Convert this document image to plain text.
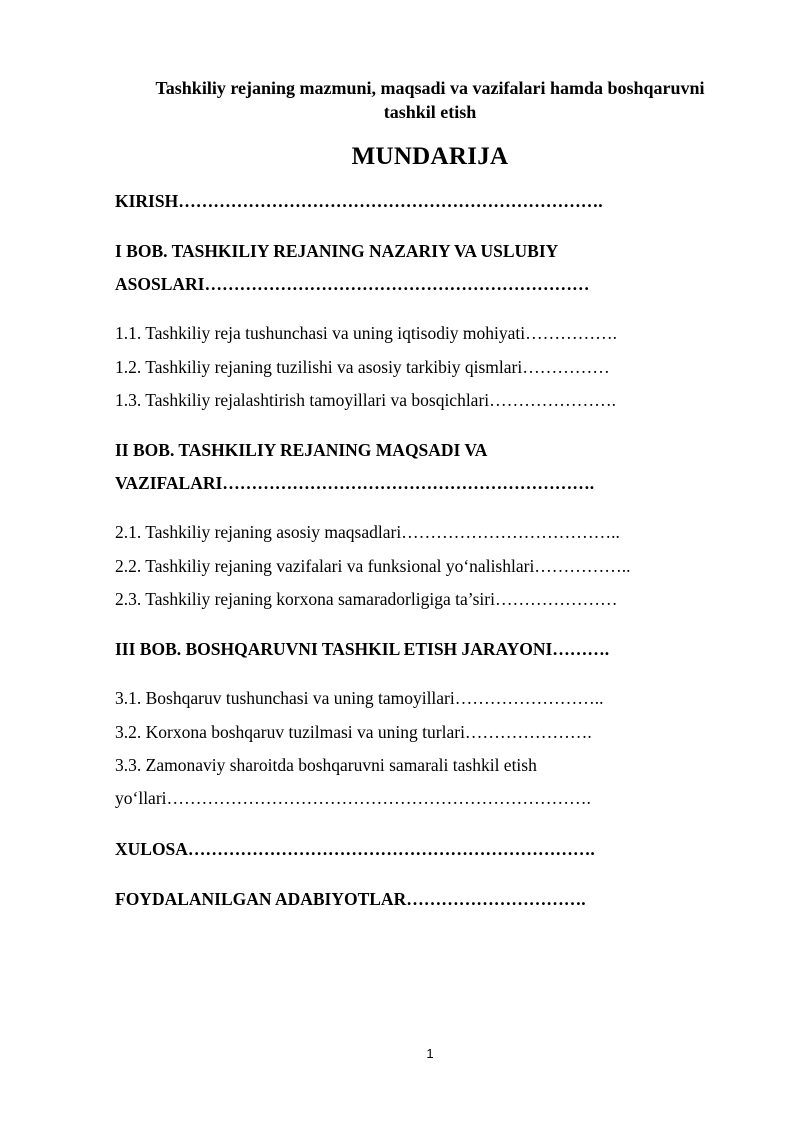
Tashkiliy rejaning mazmuni, maqsadi va vazifalari hamda boshqaruvni
tashkil etish
MUNDARIJA
KIRISH……………………………………………………………….
I BOB. TASHKILIY REJANING NAZARIY VA USLUBIY
ASOSLARI…………………………………………………………
1.1. Tashkiliy reja tushunchasi va uning iqtisodiy mohiyati…………….
1.2. Tashkiliy rejaning tuzilishi va asosiy tarkibiy qismlari……………
1.3. Tashkiliy rejalashtirish tamoyillari va bosqichlari………………….
II BOB. TASHKILIY REJANING MAQSADI VA
VAZIFALARI……………………………………………………….
2.1. Tashkiliy rejaning asosiy maqsadlari………………………………..
2.2. Tashkiliy rejaning vazifalari va funksional yo‘nalishlari……………..
2.3. Tashkiliy rejaning korxona samaradorligiga ta’siri…………………
III BOB. BOSHQARUVNI TASHKIL ETISH JARAYONI……….
3.1. Boshqaruv tushunchasi va uning tamoyillari……………………..
3.2. Korxona boshqaruv tuzilmasi va uning turlari………………….
3.3. Zamonaviy sharoitda boshqaruvni samarali tashkil etish
yo‘llari……………………………………………………………….
XULOSA…………………………………………………………….
FOYDALANILGAN ADABIYOTLAR………………………….
1
